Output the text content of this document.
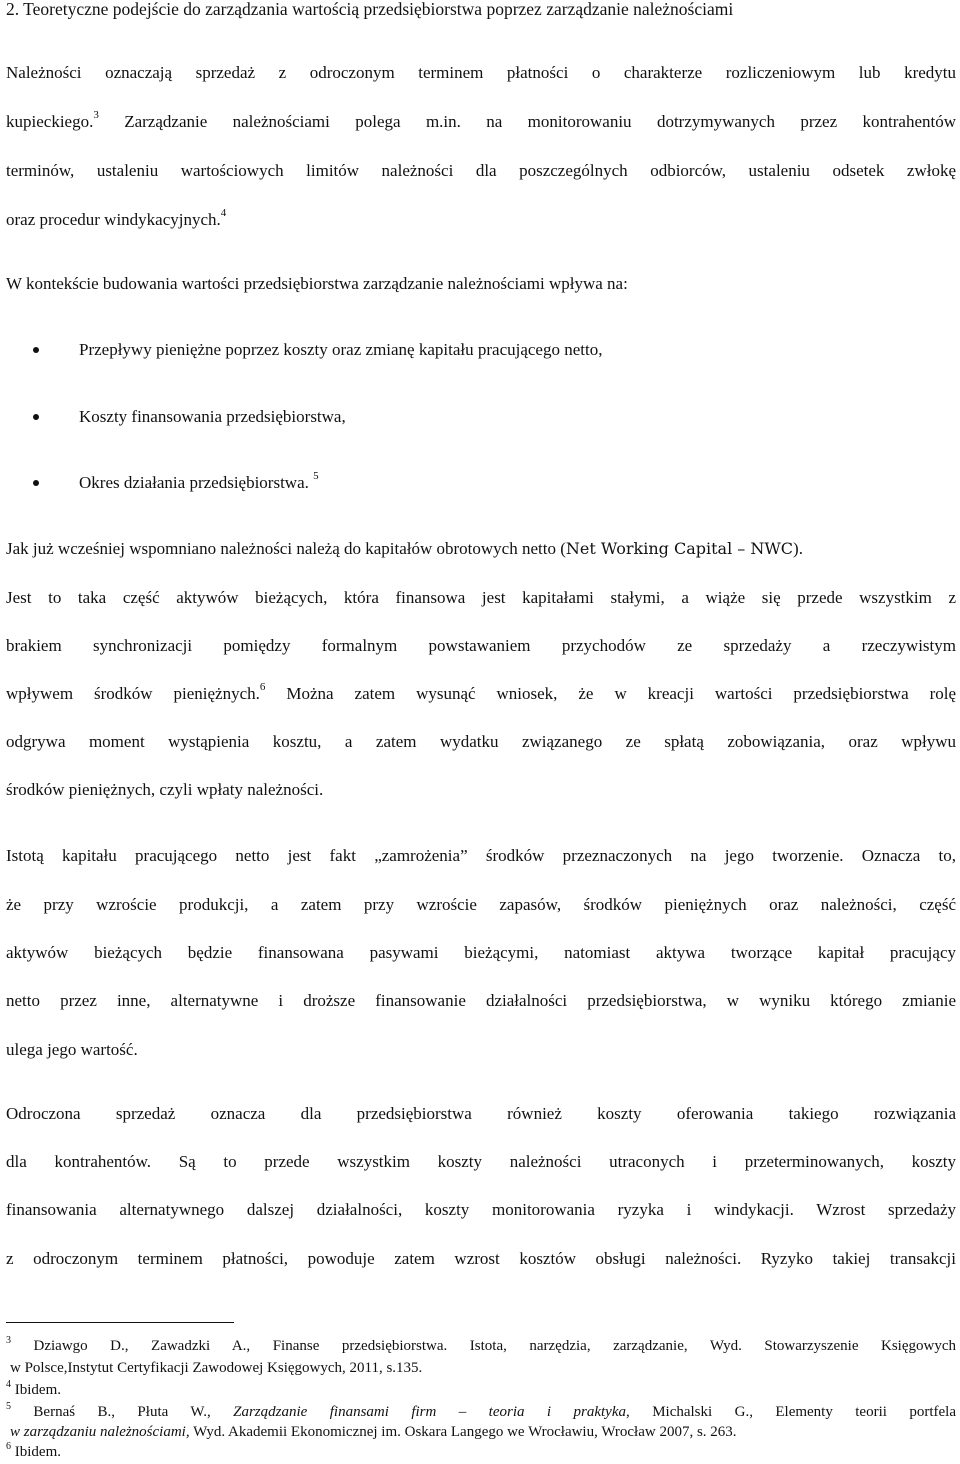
2. Teoretyczne podejście do zarządzania wartością przedsiębiorstwa poprzez zarządzanie należnościami
Należności oznaczają sprzedaż z odroczonym terminem płatności o charakterze rozliczeniowym lub kredytu
kupieckiego.$^3$ Zarządzanie należnościami polega m.in. na monitorowaniu dotrzymywanych przez kontrahentów
terminów, ustaleniu wartościowych limitów należności dla poszczególnych odbiorców, ustaleniu odsetek zwłokę
oraz procedur windykacyjnych.$^4$
W kontekście budowania wartości przedsiębiorstwa zarządzanie należnościami wpływa na:
Przepływy pieniężne poprzez koszty oraz zmianę kapitału pracującego netto,
Koszty finansowania przedsiębiorstwa,
Okres działania przedsiębiorstwa. $^5$
Jak już wcześniej wspomniano należności należą do kapitałów obrotowych netto (Net Working Capital – NWC).
Jest to taka część aktywów bieżących, która finansowa jest kapitałami stałymi, a wiąże się przede wszystkim z
brakiem synchronizacji pomiędzy formalnym powstawaniem przychodów ze sprzedaży a rzeczywistym
wpływem środków pieniężnych.$^6$ Można zatem wysunąć wniosek, że w kreacji wartości przedsiębiorstwa rolę
odgrywa moment wystąpienia kosztu, a zatem wydatku związanego ze spłatą zobowiązania, oraz wpływu
środków pieniężnych, czyli wpłaty należności.
Istotą kapitału pracującego netto jest fakt „zamrożenia” środków przeznaczonych na jego tworzenie. Oznacza to,
że przy wzroście produkcji, a zatem przy wzroście zapasów, środków pieniężnych oraz należności, część
aktywów bieżących będzie finansowana pasywami bieżącymi, natomiast aktywa tworzące kapitał pracujący
netto przez inne, alternatywne i droższe finansowanie działalności przedsiębiorstwa, w wyniku którego zmianie
ulega jego wartość.
Odroczona sprzedaż oznacza dla przedsiębiorstwa również koszty oferowania takiego rozwiązania
dla kontrahentów. Są to przede wszystkim koszty należności utraconych i przeterminowanych, koszty
finansowania alternatywnego dalszej działalności, koszty monitorowania ryzyka i windykacji. Wzrost sprzedaży
z odroczonym terminem płatności, powoduje zatem wzrost kosztów obsługi należności. Ryzyko takiej transakcji
$^3$ Dziawgo D., Zawadzki A., Finanse przedsiębiorstwa. Istota, narzędzia, zarządzanie, Wyd. Stowarzyszenie Księgowych
w Polsce,Instytut Certyfikacji Zawodowej Księgowych, 2011, s.135.
$^4$ Ibidem.
$^5$ Bernaś B., Płuta W., Zarządzanie finansami firm – teoria i praktyka, Michalski G., Elementy teorii portfela
w zarządzaniu należnościami, Wyd. Akademii Ekonomicznej im. Oskara Langego we Wrocławiu, Wrocław 2007, s. 263.
$^6$ Ibidem.
